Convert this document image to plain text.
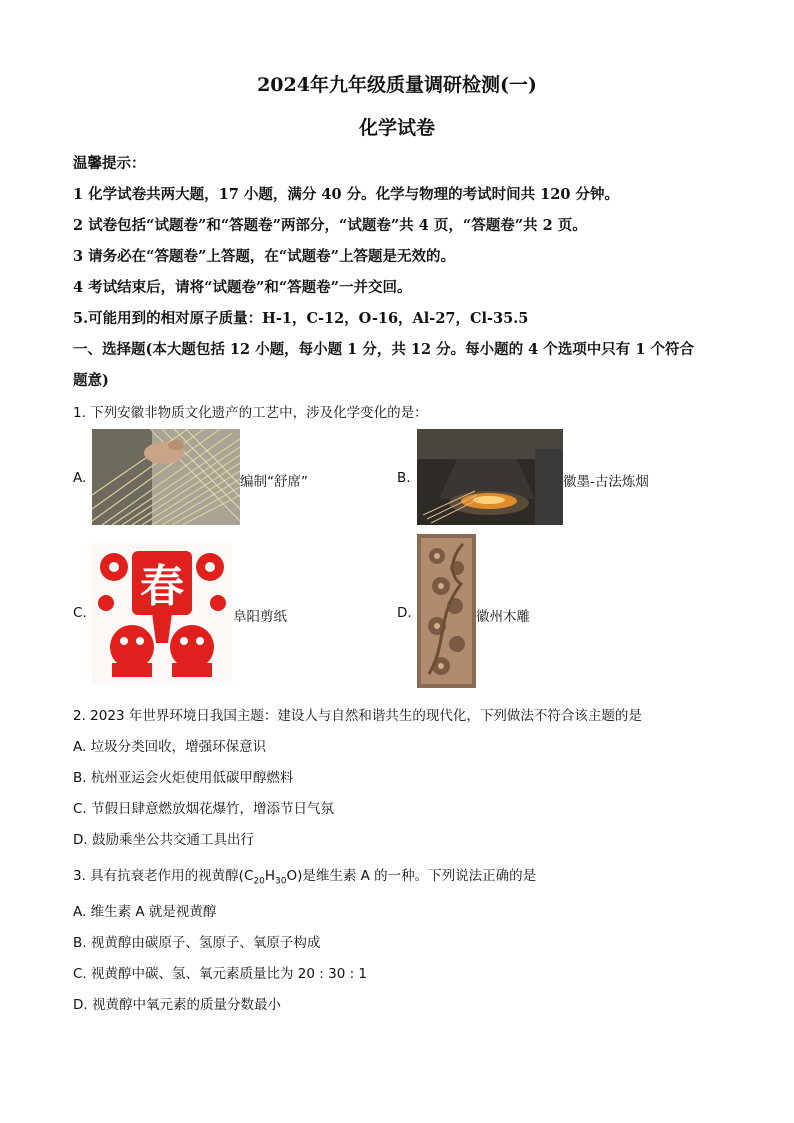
2024年九年级质量调研检测(一)
化学试卷
温馨提示：
1 化学试卷共两大题，17 小题，满分 40 分。化学与物理的考试时间共 120 分钟。
2 试卷包括“试题卷”和“答题卷”两部分，“试题卷”共 4 页，“答题卷”共 2 页。
3 请务必在“答题卷”上答题，在“试题卷”上答题是无效的。
4 考试结束后，请将“试题卷”和“答题卷”一并交回。
5.可能用到的相对原子质量：H-1，C-12，O-16，Al-27，Cl-35.5
一、选择题(本大题包括 12 小题，每小题 1 分，共 12 分。每小题的 4 个选项中只有 1 个符合
题意)
1. 下列安徽非物质文化遗产的工艺中，涉及化学变化的是：
A.	编制“舒席”	B.	徽墨-古法炼烟
C.
春
阜阳剪纸	D.	徽州木雕
2. 2023 年世界环境日我国主题：建设人与自然和谐共生的现代化，下列做法不符合该主题的是
A. 垃圾分类回收，增强环保意识
B. 杭州亚运会火炬使用低碳甲醇燃料
C. 节假日肆意燃放烟花爆竹，增添节日气氛
D. 鼓励乘坐公共交通工具出行
3. 具有抗衰老作用的视黄醇$(C_{20}H_{30}O)$是维生素 A 的一种。下列说法正确的是
A. 维生素 A 就是视黄醇
B. 视黄醇由碳原子、氢原子、氧原子构成
C. 视黄醇中碳、氢、氧元素质量比为 20 : 30 : 1
D. 视黄醇中氧元素的质量分数最小
